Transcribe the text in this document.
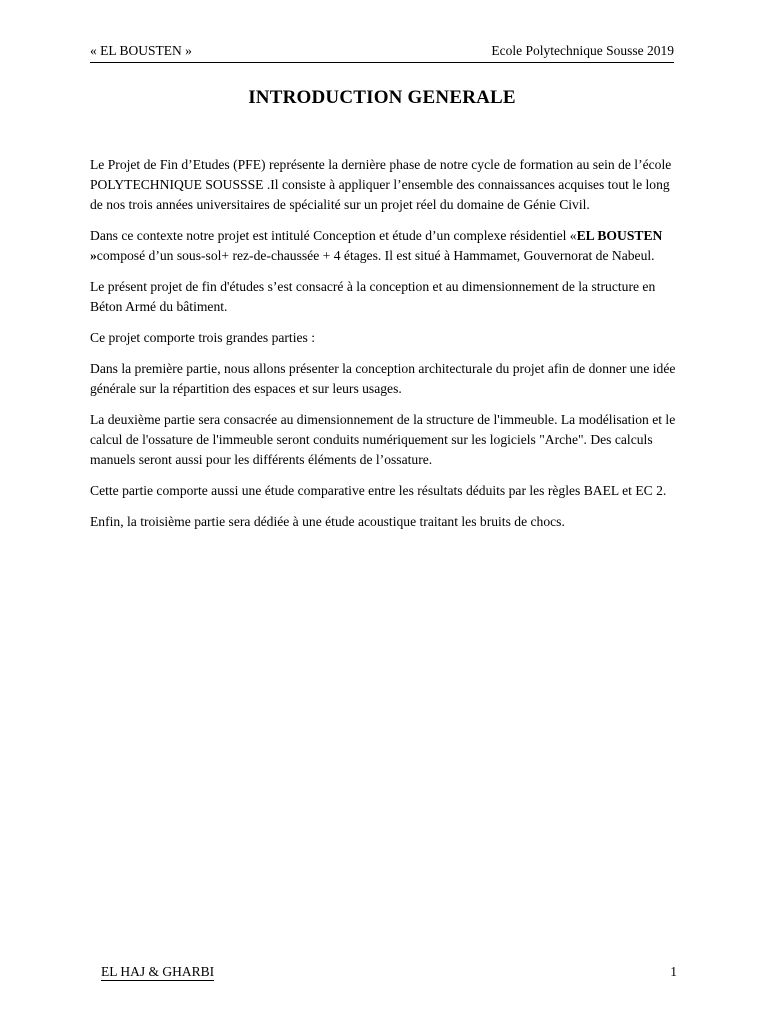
« EL BOUSTEN »	Ecole Polytechnique Sousse 2019
INTRODUCTION GENERALE

Le Projet de Fin d’Etudes (PFE) représente la dernière phase de notre cycle de formation au sein de l’école POLYTECHNIQUE SOUSSSE .Il consiste à appliquer l’ensemble des connaissances acquises tout le long de nos trois années universitaires de spécialité sur un projet réel du domaine de Génie Civil.

Dans ce contexte notre projet est intitulé Conception et étude d’un complexe résidentiel «EL BOUSTEN »composé d’un sous-sol+ rez-de-chaussée + 4 étages. Il est situé à Hammamet, Gouvernorat de Nabeul.

Le présent projet de fin d'études s’est consacré à la conception et au dimensionnement de la structure en Béton Armé du bâtiment.

Ce projet comporte trois grandes parties :

Dans la première partie, nous allons présenter la conception architecturale du projet afin de donner une idée générale sur la répartition des espaces et sur leurs usages.

La deuxième partie sera consacrée au dimensionnement de la structure de l'immeuble. La modélisation et le calcul de l'ossature de l'immeuble seront conduits numériquement sur les logiciels "Arche". Des calculs manuels seront aussi pour les différents éléments de l’ossature.

Cette partie comporte aussi une étude comparative entre les résultats déduits par les règles BAEL et EC 2.

Enfin, la troisième partie sera dédiée à une étude acoustique traitant les bruits de chocs.

EL HAJ & GHARBI	1
